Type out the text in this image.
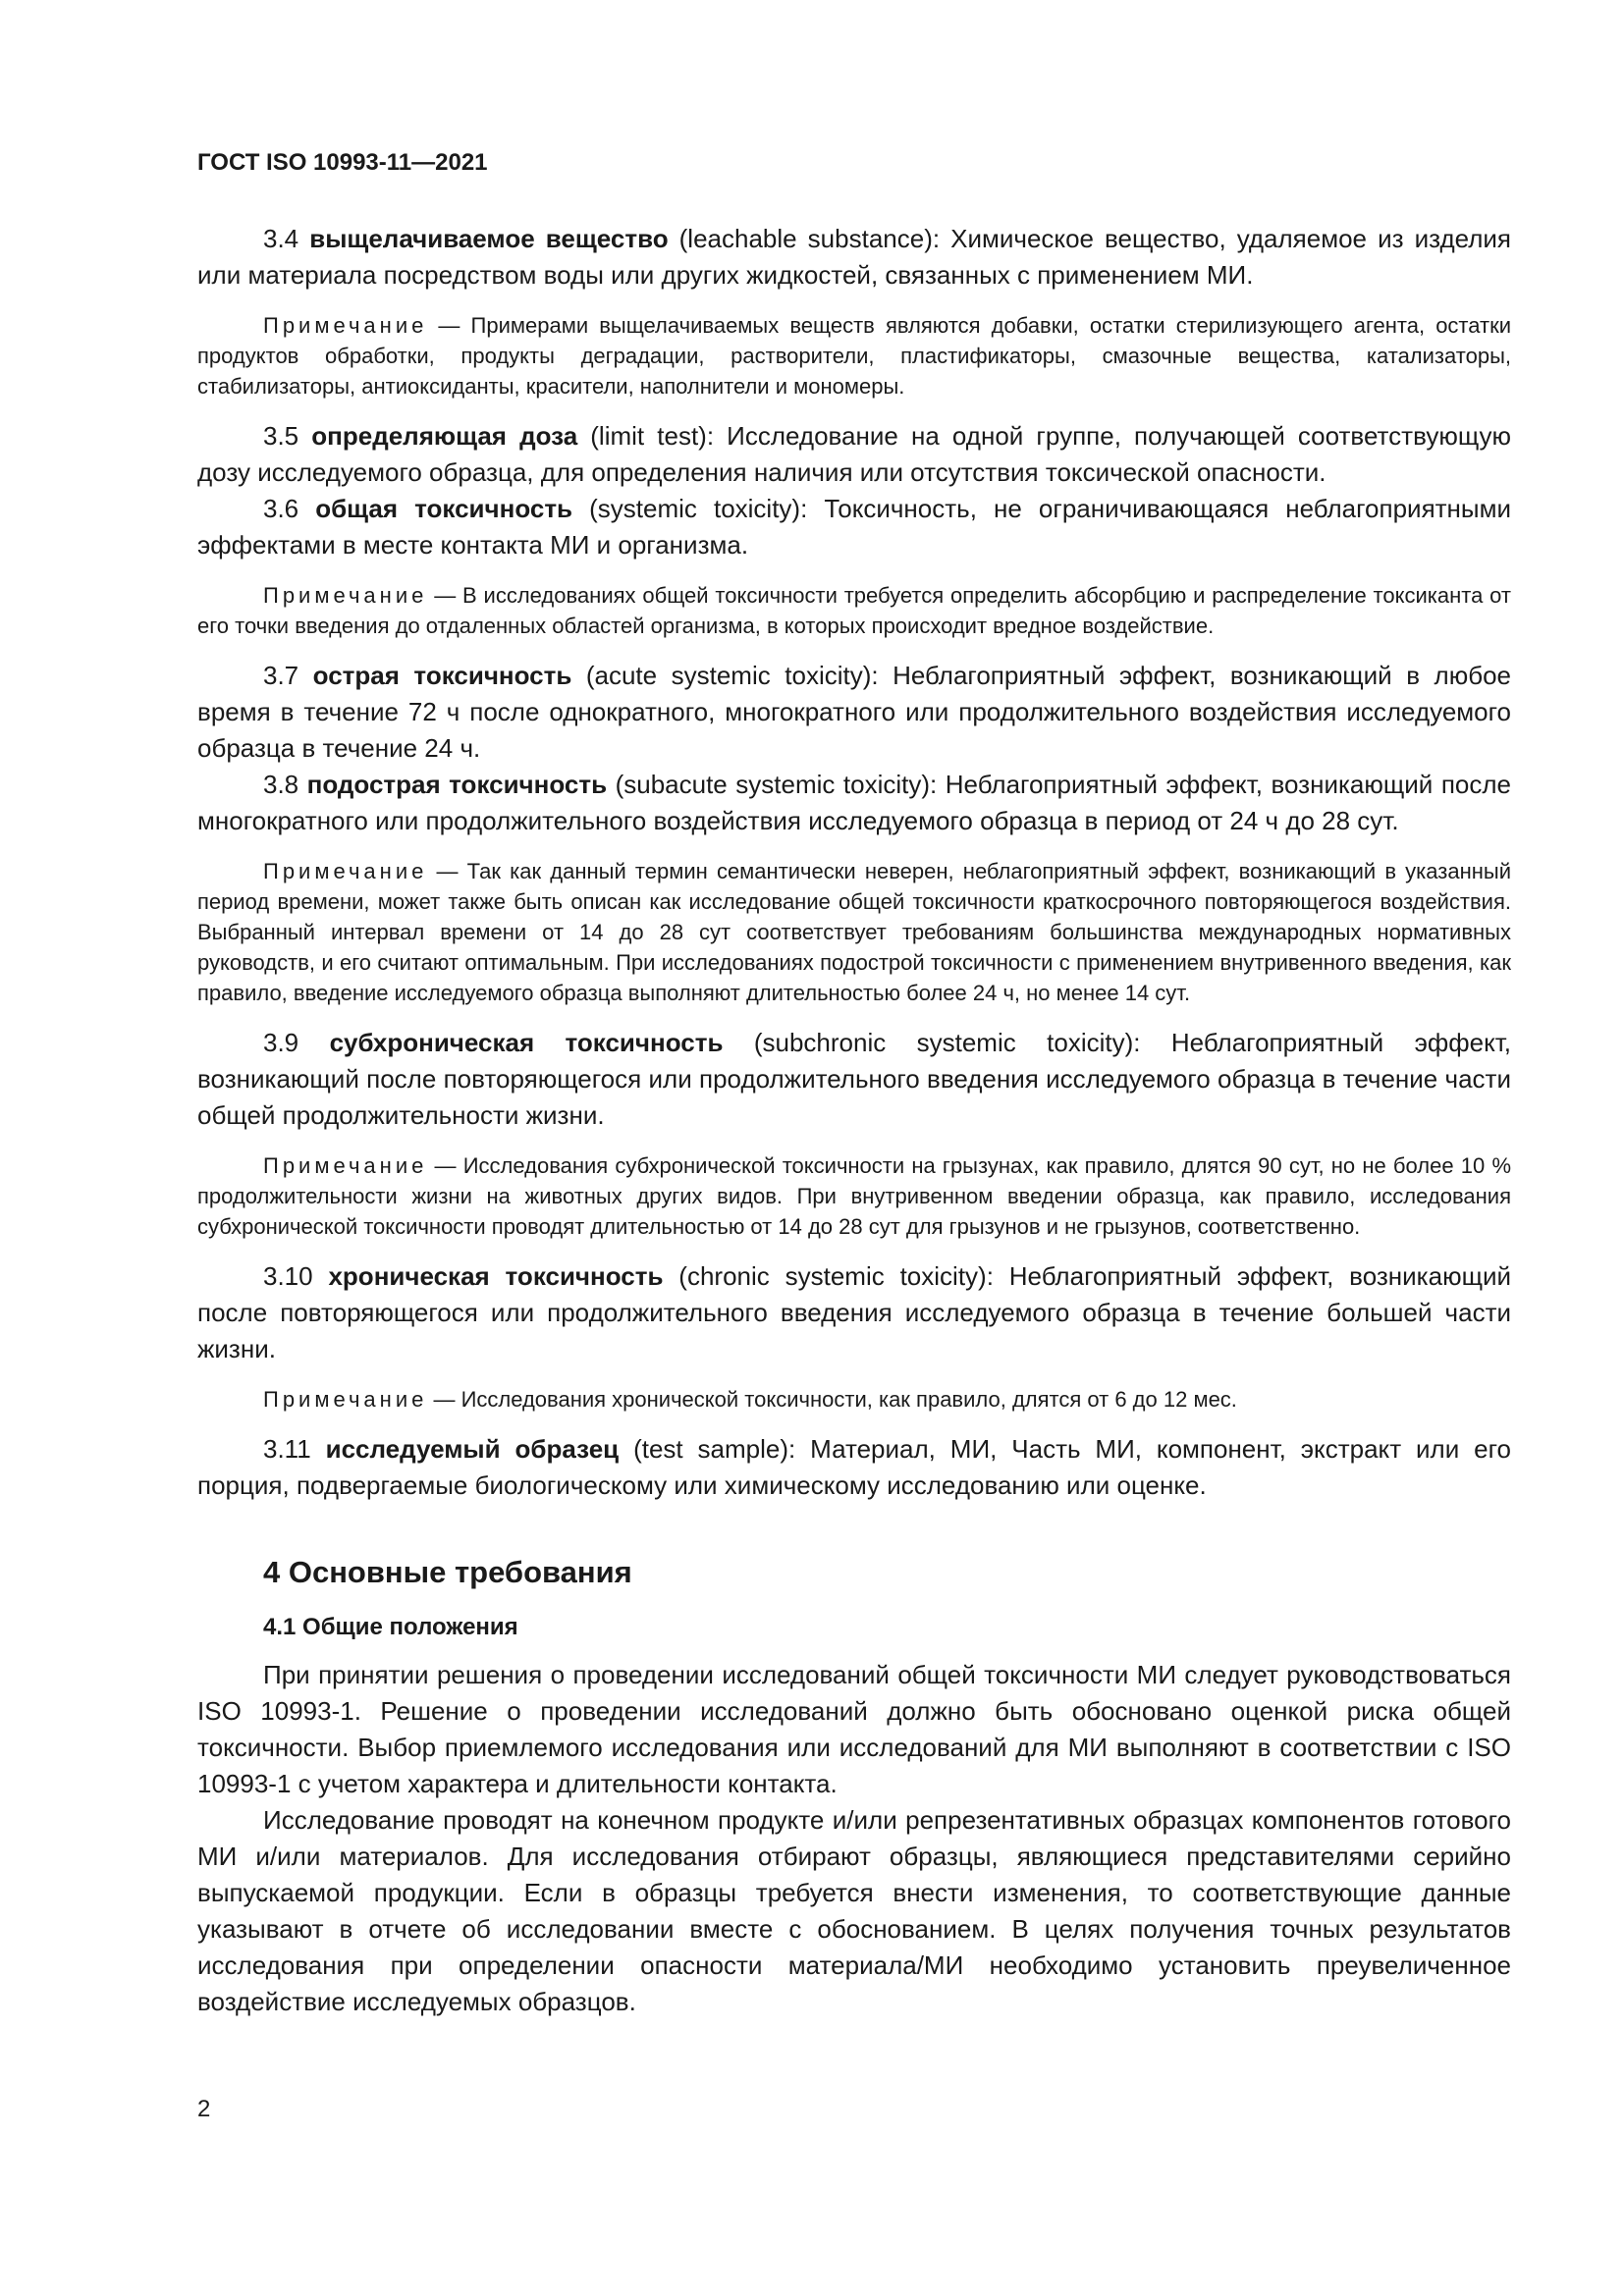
ГОСТ ISO 10993-11—2021

3.4 выщелачиваемое вещество (leachable substance): Химическое вещество, удаляемое из изделия или материала посредством воды или других жидкостей, связанных с применением МИ.

Примечание — Примерами выщелачиваемых веществ являются добавки, остатки стерилизующего агента, остатки продуктов обработки, продукты деградации, растворители, пластификаторы, смазочные вещества, катализаторы, стабилизаторы, антиоксиданты, красители, наполнители и мономеры.

3.5 определяющая доза (limit test): Исследование на одной группе, получающей соответствующую дозу исследуемого образца, для определения наличия или отсутствия токсической опасности.

3.6 общая токсичность (systemic toxicity): Токсичность, не ограничивающаяся неблагоприятными эффектами в месте контакта МИ и организма.

Примечание — В исследованиях общей токсичности требуется определить абсорбцию и распределение токсиканта от его точки введения до отдаленных областей организма, в которых происходит вредное воздействие.

3.7 острая токсичность (acute systemic toxicity): Неблагоприятный эффект, возникающий в любое время в течение 72 ч после однократного, многократного или продолжительного воздействия исследуемого образца в течение 24 ч.

3.8 подострая токсичность (subacute systemic toxicity): Неблагоприятный эффект, возникающий после многократного или продолжительного воздействия исследуемого образца в период от 24 ч до 28 сут.

Примечание — Так как данный термин семантически неверен, неблагоприятный эффект, возникающий в указанный период времени, может также быть описан как исследование общей токсичности краткосрочного повторяющегося воздействия. Выбранный интервал времени от 14 до 28 сут соответствует требованиям большинства международных нормативных руководств, и его считают оптимальным. При исследованиях подострой токсичности с применением внутривенного введения, как правило, введение исследуемого образца выполняют длительностью более 24 ч, но менее 14 сут.

3.9 субхроническая токсичность (subchronic systemic toxicity): Неблагоприятный эффект, возникающий после повторяющегося или продолжительного введения исследуемого образца в течение части общей продолжительности жизни.

Примечание — Исследования субхронической токсичности на грызунах, как правило, длятся 90 сут, но не более 10 % продолжительности жизни на животных других видов. При внутривенном введении образца, как правило, исследования субхронической токсичности проводят длительностью от 14 до 28 сут для грызунов и не грызунов, соответственно.

3.10 хроническая токсичность (chronic systemic toxicity): Неблагоприятный эффект, возникающий после повторяющегося или продолжительного введения исследуемого образца в течение большей части жизни.

Примечание — Исследования хронической токсичности, как правило, длятся от 6 до 12 мес.

3.11 исследуемый образец (test sample): Материал, МИ, Часть МИ, компонент, экстракт или его порция, подвергаемые биологическому или химическому исследованию или оценке.

4 Основные требования
4.1 Общие положения

При принятии решения о проведении исследований общей токсичности МИ следует руководствоваться ISO 10993-1. Решение о проведении исследований должно быть обосновано оценкой риска общей токсичности. Выбор приемлемого исследования или исследований для МИ выполняют в соответствии с ISO 10993-1 с учетом характера и длительности контакта.

Исследование проводят на конечном продукте и/или репрезентативных образцах компонентов готового МИ и/или материалов. Для исследования отбирают образцы, являющиеся представителями серийно выпускаемой продукции. Если в образцы требуется внести изменения, то соответствующие данные указывают в отчете об исследовании вместе с обоснованием. В целях получения точных результатов исследования при определении опасности материала/МИ необходимо установить преувеличенное воздействие исследуемых образцов.

2
